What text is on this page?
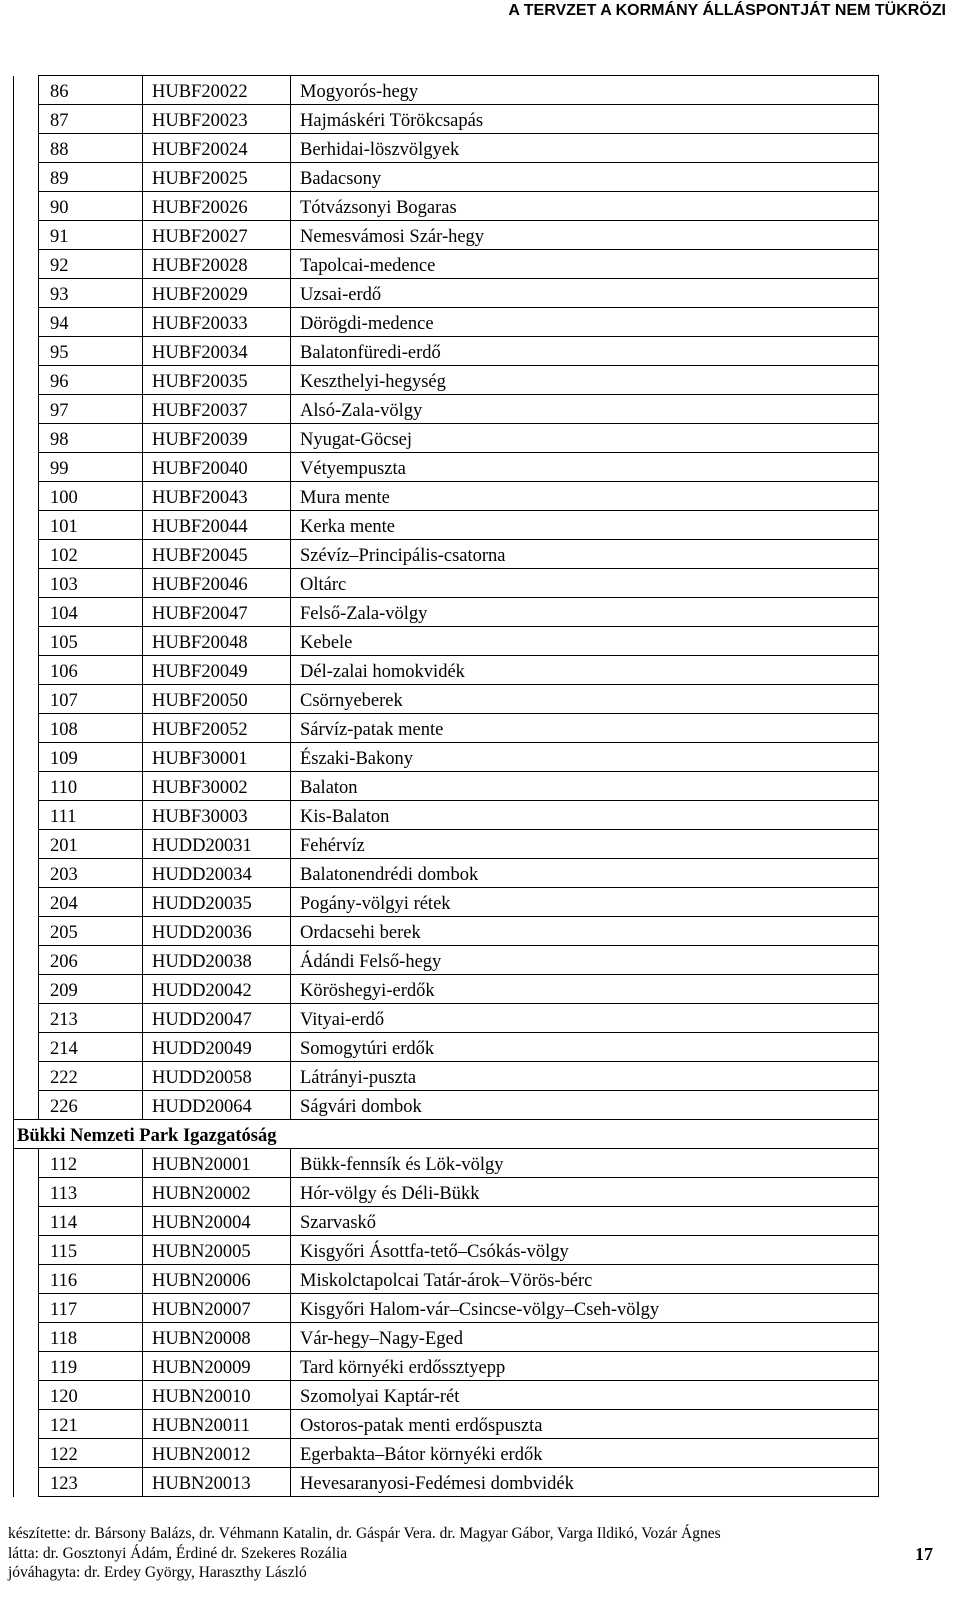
A TERVZET A KORMÁNY ÁLLÁSPONTJÁT NEM TÜKRÖZI
	86	HUBF20022	Mogyorós-hegy
	87	HUBF20023	Hajmáskéri Törökcsapás
	88	HUBF20024	Berhidai-löszvölgyek
	89	HUBF20025	Badacsony
	90	HUBF20026	Tótvázsonyi Bogaras
	91	HUBF20027	Nemesvámosi Szár-hegy
	92	HUBF20028	Tapolcai-medence
	93	HUBF20029	Uzsai-erdő
	94	HUBF20033	Dörögdi-medence
	95	HUBF20034	Balatonfüredi-erdő
	96	HUBF20035	Keszthelyi-hegység
	97	HUBF20037	Alsó-Zala-völgy
	98	HUBF20039	Nyugat-Göcsej
	99	HUBF20040	Vétyempuszta
	100	HUBF20043	Mura mente
	101	HUBF20044	Kerka mente
	102	HUBF20045	Szévíz–Principális-csatorna
	103	HUBF20046	Oltárc
	104	HUBF20047	Felső-Zala-völgy
	105	HUBF20048	Kebele
	106	HUBF20049	Dél-zalai homokvidék
	107	HUBF20050	Csörnyeberek
	108	HUBF20052	Sárvíz-patak mente
	109	HUBF30001	Északi-Bakony
	110	HUBF30002	Balaton
	111	HUBF30003	Kis-Balaton
	201	HUDD20031	Fehérvíz
	203	HUDD20034	Balatonendrédi dombok
	204	HUDD20035	Pogány-völgyi rétek
	205	HUDD20036	Ordacsehi berek
	206	HUDD20038	Ádándi Felső-hegy
	209	HUDD20042	Köröshegyi-erdők
	213	HUDD20047	Vityai-erdő
	214	HUDD20049	Somogytúri erdők
	222	HUDD20058	Látrányi-puszta
	226	HUDD20064	Ságvári dombok
Bükki Nemzeti Park Igazgatóság			
	112	HUBN20001	Bükk-fennsík és Lök-völgy
	113	HUBN20002	Hór-völgy és Déli-Bükk
	114	HUBN20004	Szarvaskő
	115	HUBN20005	Kisgyőri Ásottfa-tető–Csókás-völgy
	116	HUBN20006	Miskolctapolcai Tatár-árok–Vörös-bérc
	117	HUBN20007	Kisgyőri Halom-vár–Csincse-völgy–Cseh-völgy
	118	HUBN20008	Vár-hegy–Nagy-Eged
	119	HUBN20009	Tard környéki erdőssztyepp
	120	HUBN20010	Szomolyai Kaptár-rét
	121	HUBN20011	Ostoros-patak menti erdőspuszta
	122	HUBN20012	Egerbakta–Bátor környéki erdők
	123	HUBN20013	Hevesaranyosi-Fedémesi dombvidék
készítette: dr. Bársony Balázs, dr. Véhmann Katalin, dr. Gáspár Vera. dr. Magyar Gábor, Varga Ildikó, Vozár Ágnes
látta: dr. Gosztonyi Ádám, Érdiné dr. Szekeres Rozália
jóváhagyta: dr. Erdey György, Haraszthy László
17
